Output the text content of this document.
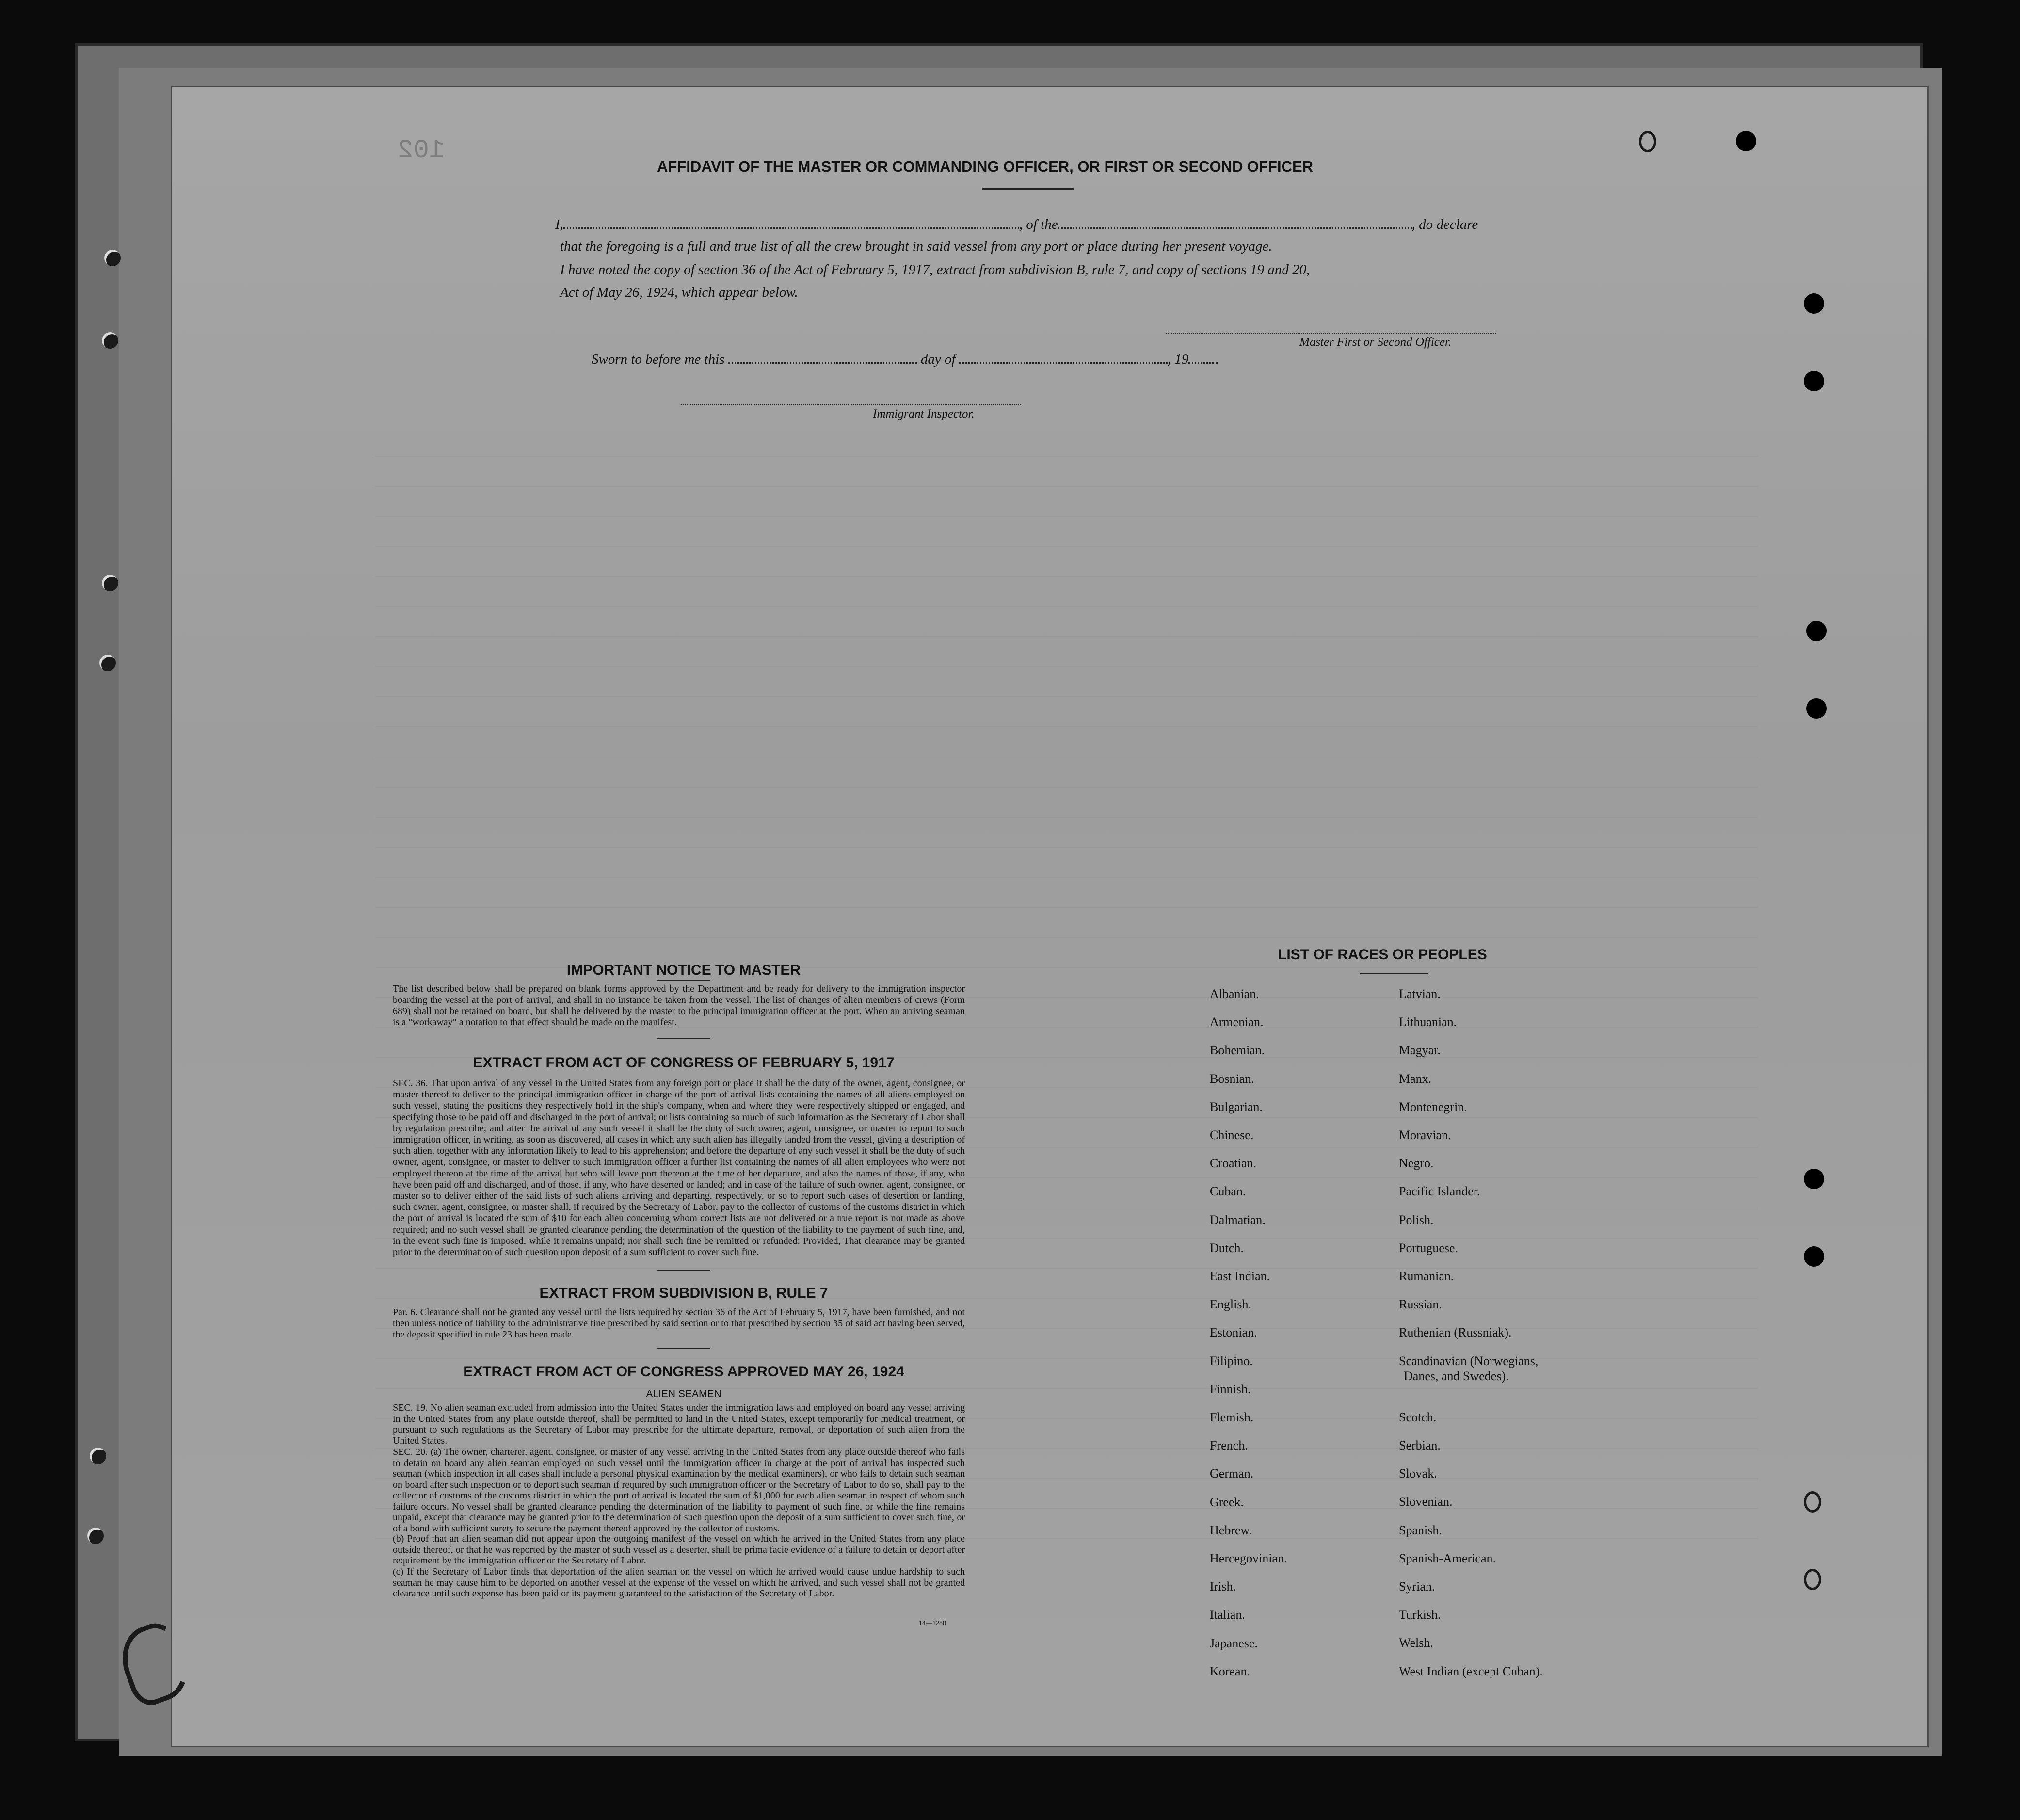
102
AFFIDAVIT OF THE MASTER OR COMMANDING OFFICER, OR FIRST OR SECOND OFFICER
I,	, of the	, do declare
that the foregoing is a full and true list of all the crew brought in said vessel from any port or place during her present voyage.
I have noted the copy of section 36 of the Act of February 5, 1917, extract from subdivision B, rule 7, and copy of sections 19 and 20,
Act of May 26, 1924, which appear below.
Master First or Second Officer.
Sworn to before me this	day of	, 19
Immigrant Inspector.
IMPORTANT NOTICE TO MASTER
The list described below shall be prepared on blank forms approved by the Department and be ready for delivery to the immigration inspector boarding the vessel at the port of arrival, and shall in no instance be taken from the vessel. The list of changes of alien members of crews (Form 689) shall not be retained on board, but shall be delivered by the master to the principal immigration officer at the port. When an arriving seaman is a "workaway" a notation to that effect should be made on the manifest.
EXTRACT FROM ACT OF CONGRESS OF FEBRUARY 5, 1917
SEC. 36. That upon arrival of any vessel in the United States from any foreign port or place it shall be the duty of the owner, agent, consignee, or master thereof to deliver to the principal immigration officer in charge of the port of arrival lists containing the names of all aliens employed on such vessel, stating the positions they respectively hold in the ship's company, when and where they were respectively shipped or engaged, and specifying those to be paid off and discharged in the port of arrival; or lists containing so much of such information as the Secretary of Labor shall by regulation prescribe; and after the arrival of any such vessel it shall be the duty of such owner, agent, consignee, or master to report to such immigration officer, in writing, as soon as discovered, all cases in which any such alien has illegally landed from the vessel, giving a description of such alien, together with any information likely to lead to his apprehension; and before the departure of any such vessel it shall be the duty of such owner, agent, consignee, or master to deliver to such immigration officer a further list containing the names of all alien employees who were not employed thereon at the time of the arrival but who will leave port thereon at the time of her departure, and also the names of those, if any, who have been paid off and discharged, and of those, if any, who have deserted or landed; and in case of the failure of such owner, agent, consignee, or master so to deliver either of the said lists of such aliens arriving and departing, respectively, or so to report such cases of desertion or landing, such owner, agent, consignee, or master shall, if required by the Secretary of Labor, pay to the collector of customs of the customs district in which the port of arrival is located the sum of $10 for each alien concerning whom correct lists are not delivered or a true report is not made as above required; and no such vessel shall be granted clearance pending the determination of the question of the liability to the payment of such fine, and, in the event such fine is imposed, while it remains unpaid; nor shall such fine be remitted or refunded: Provided, That clearance may be granted prior to the determination of such question upon deposit of a sum sufficient to cover such fine.
EXTRACT FROM SUBDIVISION B, RULE 7
Par. 6. Clearance shall not be granted any vessel until the lists required by section 36 of the Act of February 5, 1917, have been furnished, and not then unless notice of liability to the administrative fine prescribed by said section or to that prescribed by section 35 of said act having been served, the deposit specified in rule 23 has been made.
EXTRACT FROM ACT OF CONGRESS APPROVED MAY 26, 1924
ALIEN SEAMEN
SEC. 19. No alien seaman excluded from admission into the United States under the immigration laws and employed on board any vessel arriving in the United States from any place outside thereof, shall be permitted to land in the United States, except temporarily for medical treatment, or pursuant to such regulations as the Secretary of Labor may prescribe for the ultimate departure, removal, or deportation of such alien from the United States.
SEC. 20. (a) The owner, charterer, agent, consignee, or master of any vessel arriving in the United States from any place outside thereof who fails to detain on board any alien seaman employed on such vessel until the immigration officer in charge at the port of arrival has inspected such seaman (which inspection in all cases shall include a personal physical examination by the medical examiners), or who fails to detain such seaman on board after such inspection or to deport such seaman if required by such immigration officer or the Secretary of Labor to do so, shall pay to the collector of customs of the customs district in which the port of arrival is located the sum of $1,000 for each alien seaman in respect of whom such failure occurs. No vessel shall be granted clearance pending the determination of the liability to payment of such fine, or while the fine remains unpaid, except that clearance may be granted prior to the determination of such question upon the deposit of a sum sufficient to cover such fine, or of a bond with sufficient surety to secure the payment thereof approved by the collector of customs.
(b) Proof that an alien seaman did not appear upon the outgoing manifest of the vessel on which he arrived in the United States from any place outside thereof, or that he was reported by the master of such vessel as a deserter, shall be prima facie evidence of a failure to detain or deport after requirement by the immigration officer or the Secretary of Labor.
(c) If the Secretary of Labor finds that deportation of the alien seaman on the vessel on which he arrived would cause undue hardship to such seaman he may cause him to be deported on another vessel at the expense of the vessel on which he arrived, and such vessel shall not be granted clearance until such expense has been paid or its payment guaranteed to the satisfaction of the Secretary of Labor.
14—1280
LIST OF RACES OR PEOPLES
Albanian.
Armenian.
Bohemian.
Bosnian.
Bulgarian.
Chinese.
Croatian.
Cuban.
Dalmatian.
Dutch.
East Indian.
English.
Estonian.
Filipino.
Finnish.
Flemish.
French.
German.
Greek.
Hebrew.
Hercegovinian.
Irish.
Italian.
Japanese.
Korean.
Latvian.
Lithuanian.
Magyar.
Manx.
Montenegrin.
Moravian.
Negro.
Pacific Islander.
Polish.
Portuguese.
Rumanian.
Russian.
Ruthenian (Russniak).
Scandinavian (Norwegians,
Danes, and Swedes).
Scotch.
Serbian.
Slovak.
Slovenian.
Spanish.
Spanish-American.
Syrian.
Turkish.
Welsh.
West Indian (except Cuban).
